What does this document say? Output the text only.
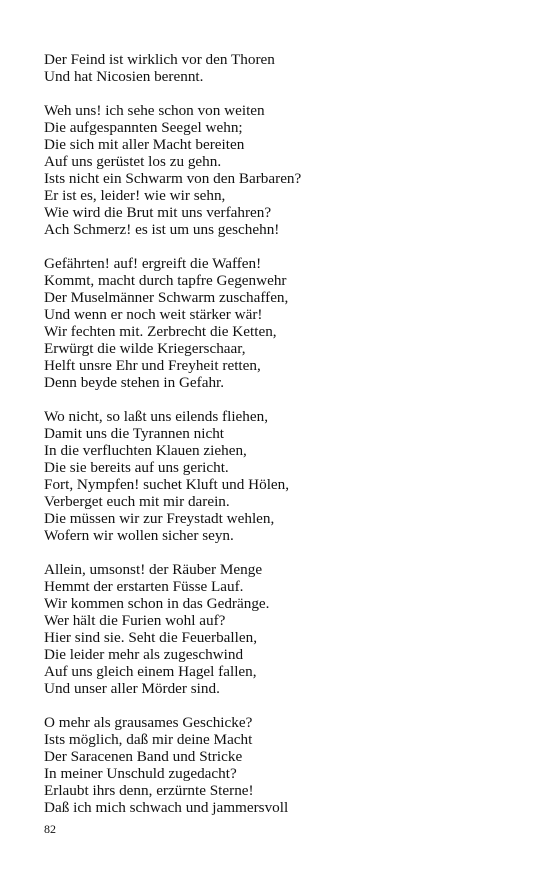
Der Feind ist wirklich vor den Thoren
Und hat Nicosien berennt.
Weh uns! ich sehe schon von weiten
Die aufgespannten Seegel wehn;
Die sich mit aller Macht bereiten
Auf uns gerüstet los zu gehn.
Ists nicht ein Schwarm von den Barbaren?
Er ist es, leider! wie wir sehn,
Wie wird die Brut mit uns verfahren?
Ach Schmerz! es ist um uns geschehn!
Gefährten! auf! ergreift die Waffen!
Kommt, macht durch tapfre Gegenwehr
Der Muselmänner Schwarm zuschaffen,
Und wenn er noch weit stärker wär!
Wir fechten mit. Zerbrecht die Ketten,
Erwürgt die wilde Kriegerschaar,
Helft unsre Ehr und Freyheit retten,
Denn beyde stehen in Gefahr.
Wo nicht, so laßt uns eilends fliehen,
Damit uns die Tyrannen nicht
In die verfluchten Klauen ziehen,
Die sie bereits auf uns gericht.
Fort, Nympfen! suchet Kluft und Hölen,
Verberget euch mit mir darein.
Die müssen wir zur Freystadt wehlen,
Wofern wir wollen sicher seyn.
Allein, umsonst! der Räuber Menge
Hemmt der erstarten Füsse Lauf.
Wir kommen schon in das Gedränge.
Wer hält die Furien wohl auf?
Hier sind sie. Seht die Feuerballen,
Die leider mehr als zugeschwind
Auf uns gleich einem Hagel fallen,
Und unser aller Mörder sind.
O mehr als grausames Geschicke?
Ists möglich, daß mir deine Macht
Der Saracenen Band und Stricke
In meiner Unschuld zugedacht?
Erlaubt ihrs denn, erzürnte Sterne!
Daß ich mich schwach und jammersvoll
82
